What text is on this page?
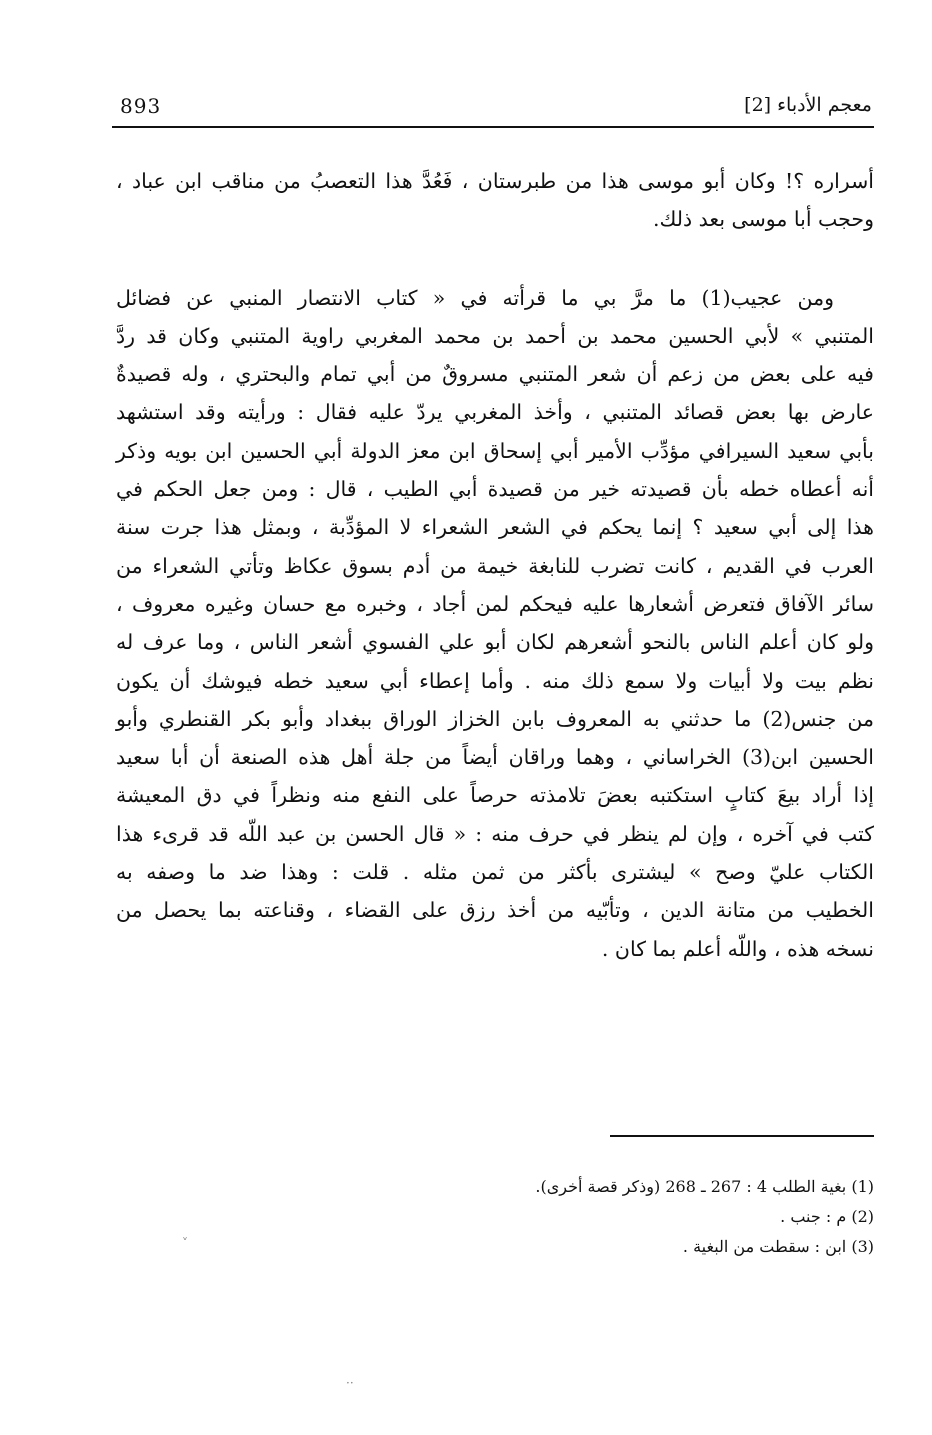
893	معجم الأدباء [2]
أسراره ؟! وكان أبو موسى هذا من طبرستان ، فَعُدَّ هذا التعصبُ من مناقب ابن عباد ،
وحجب أبا موسى بعد ذلك.
ومن عجيب(1) ما مرَّ بي ما قرأته في « كتاب الانتصار المنبي عن فضائل
المتنبي » لأبي الحسين محمد بن أحمد بن محمد المغربي راوية المتنبي وكان قد ردَّ
فيه على بعض من زعم أن شعر المتنبي مسروقٌ من أبي تمام والبحتري ، وله قصيدةٌ
عارض بها بعض قصائد المتنبي ، وأخذ المغربي يردّ عليه فقال : ورأيته وقد استشهد
بأبي سعيد السيرافي مؤدِّب الأمير أبي إسحاق ابن معز الدولة أبي الحسين ابن بويه وذكر
أنه أعطاه خطه بأن قصيدته خير من قصيدة أبي الطيب ، قال : ومن جعل الحكم في
هذا إلى أبي سعيد ؟ إنما يحكم في الشعر الشعراء لا المؤدِّبة ، وبمثل هذا جرت سنة
العرب في القديم ، كانت تضرب للنابغة خيمة من أدم بسوق عكاظ وتأتي الشعراء من
سائر الآفاق فتعرض أشعارها عليه فيحكم لمن أجاد ، وخبره مع حسان وغيره معروف ،
ولو كان أعلم الناس بالنحو أشعرهم لكان أبو علي الفسوي أشعر الناس ، وما عرف له
نظم بيت ولا أبيات ولا سمع ذلك منه . وأما إعطاء أبي سعيد خطه فيوشك أن يكون
من جنس(2) ما حدثني به المعروف بابن الخزاز الوراق ببغداد وأبو بكر القنطري وأبو
الحسين ابن(3) الخراساني ، وهما وراقان أيضاً من جلة أهل هذه الصنعة أن أبا سعيد
إذا أراد بيعَ كتابٍ استكتبه بعضَ تلامذته حرصاً على النفع منه ونظراً في دق المعيشة
كتب في آخره ، وإن لم ينظر في حرف منه : « قال الحسن بن عبد اللّه قد قرىء هذا
الكتاب عليّ وصح » ليشترى بأكثر من ثمن مثله . قلت : وهذا ضد ما وصفه به
الخطيب من متانة الدين ، وتأبّيه من أخذ رزق على القضاء ، وقناعته بما يحصل من
نسخه هذه ، واللّه أعلم بما كان .
(1) بغية الطلب 4 : 267 ـ 268 (وذكر قصة أخرى).
(2) م : جنب .
(3) ابن : سقطت من البغية .
˅
··
